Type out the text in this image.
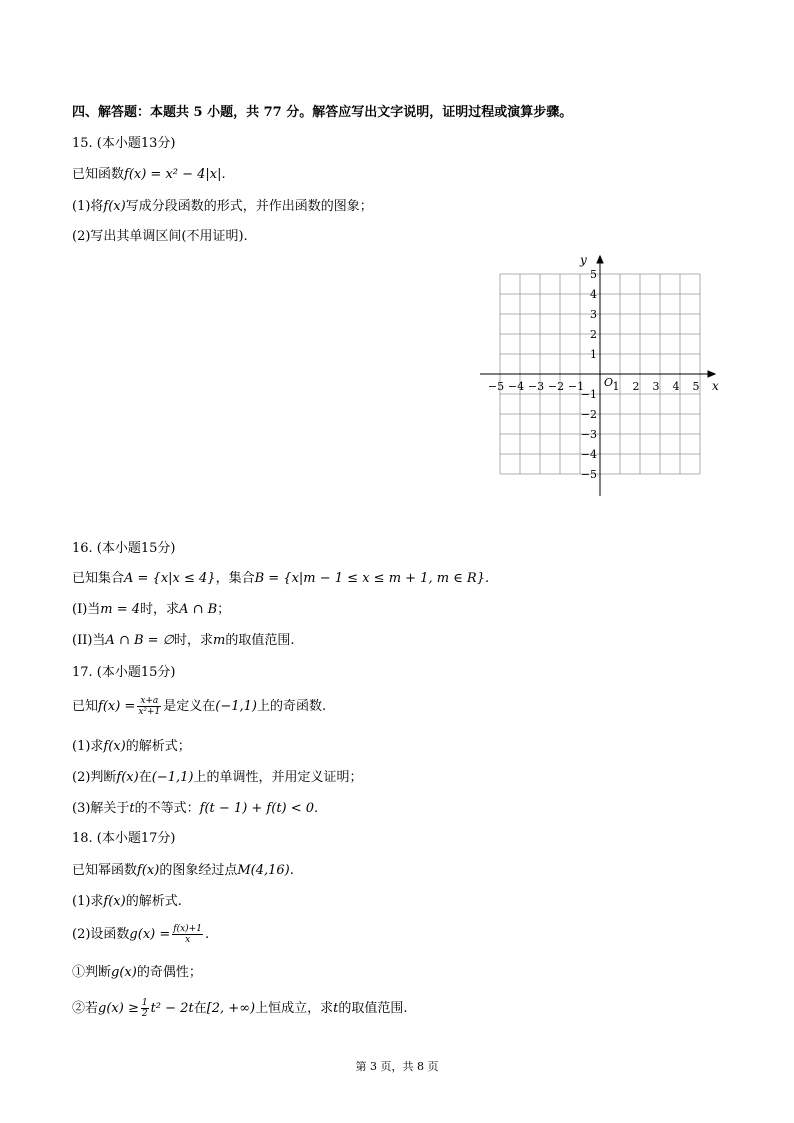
四、解答题：本题共 5 小题，共 77 分。解答应写出文字说明，证明过程或演算步骤。
15. (本小题13分)
已知函数f(x) = x² − 4|x|.
(1)将f(x)写成分段函数的形式，并作出函数的图象；
(2)写出其单调区间(不用证明).
−5 −4 −3 −2 −1	1 2 3 4 5
5
4
3
2
1
−1
−2
−3
−4
−5
x
y
O
16. (本小题15分)
已知集合A = {x|x ≤ 4}，集合B = {x|m − 1 ≤ x ≤ m + 1, m ∈ R}.
(I)当m = 4时，求A ∩ B；
(II)当A ∩ B = ∅时，求m的取值范围.
17. (本小题15分)
已知$f(x) = \frac{x+a}{\text{x²+1}}$ 是定义在(−1,1)上的奇函数.
(1)求f(x)的解析式；
(2)判断f(x)在(−1,1)上的单调性，并用定义证明；
(3)解关于t的不等式：f(t − 1) + f(t) < 0.
18. (本小题17分)
已知幂函数f(x)的图象经过点M(4,16).
(1)求f(x)的解析式.
(2)设函数$g(x) = \frac{f(x)+1}{x}$ .
①判断g(x)的奇偶性；
②若$g(x) \ge \frac{1}{2} t^2 - 2t$在[2, +∞)上恒成立，求t的取值范围.
第 3 页，共 8 页
